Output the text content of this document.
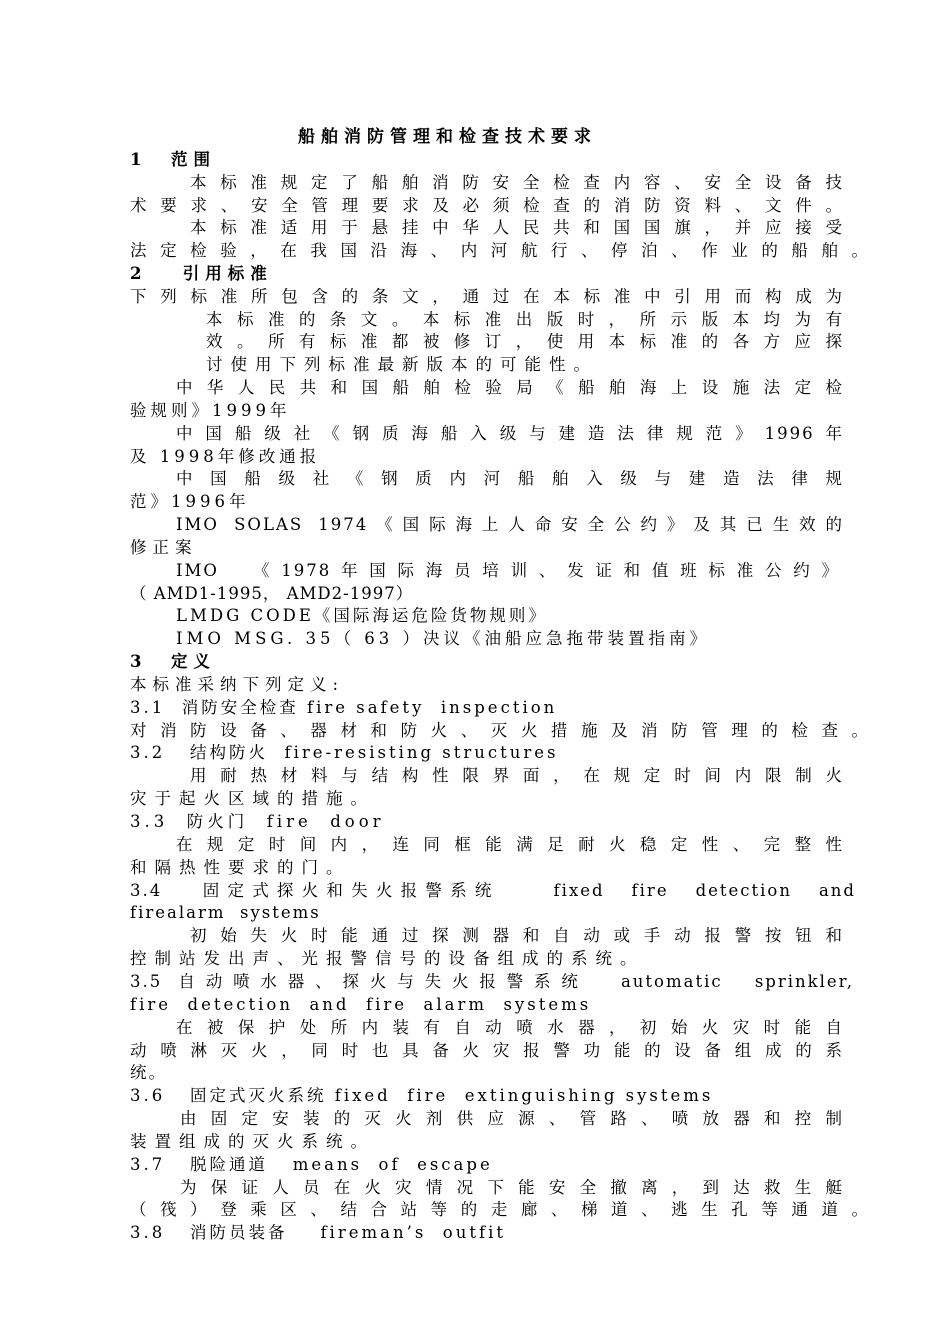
船舶消防管理和检查技术要求
1  范围
本标准规定了船舶消防安全检查内容、安全设备技
术要求、安全管理要求及必须检查的消防资料、文件。
本标准适用于悬挂中华人民共和国国旗，并应接受
法定检验，在我国沿海、内河航行、停泊、作业的船舶。
2   引用标准
下列标准所包含的条文，通过在本标准中引用而构成为
本标准的条文。本标准出版时，所示版本均为有
效。所有标准都被修订，使用本标准的各方应探
讨使用下列标准最新版本的可能性。
中华人民共和国船舶检验局《船舶海上设施法定检
验规则》1999年
中国船级社《钢质海船入级与建造法律规范》1996年
及 1998年修改通报
中国船级社《钢质内河船舶入级与建造法律规
范》1996年
IMO SOLAS 1974《国际海上人命安全公约》及其已生效的
修正案
IMO  《1978年国际海员培训、发证和值班标准公约》
（ AMD1-1995， AMD2-1997）
LMDG CODE《国际海运危险货物规则》
IMO MSG. 35（ 63 ）决议《油船应急拖带装置指南》
3  定义
本标准采纳下列定义:
3.1  消防安全检查 fire safety  inspection
对消防设备、器材和防火、灭火措施及消防管理的检查。
3.2   结构防火  fire-resisting structures
用耐热材料与结构性限界面，在规定时间内限制火
灾于起火区域的措施。
3.3  防火门  fire  door
在规定时间内，连同框能满足耐火稳定性、完整性
和隔热性要求的门。
3.4   固定式探火和失火报警系统    fixed  fire  detection  and
firealarm  systems
初始失火时能通过探测器和自动或手动报警按钮和
控制站发出声、光报警信号的设备组成的系统。
3.5 自动喷水器、探火与失火报警系统  automatic  sprinkler,
fire  detection  and  fire  alarm  systems
在被保护处所内装有自动喷水器，初始火灾时能自
动喷淋灭火，同时也具备火灾报警功能的设备组成的系
统。
3.6   固定式灭火系统 fixed  fire  extinguishing systems
由固定安装的灭火剂供应源、管路、喷放器和控制
装置组成的灭火系统。
3.7   脱险通道   means  of  escape
为保证人员在火灾情况下能安全撤离，到达救生艇
（筏）登乘区、结合站等的走廊、梯道、逃生孔等通道。
3.8   消防员装备    fireman’s  outfit
